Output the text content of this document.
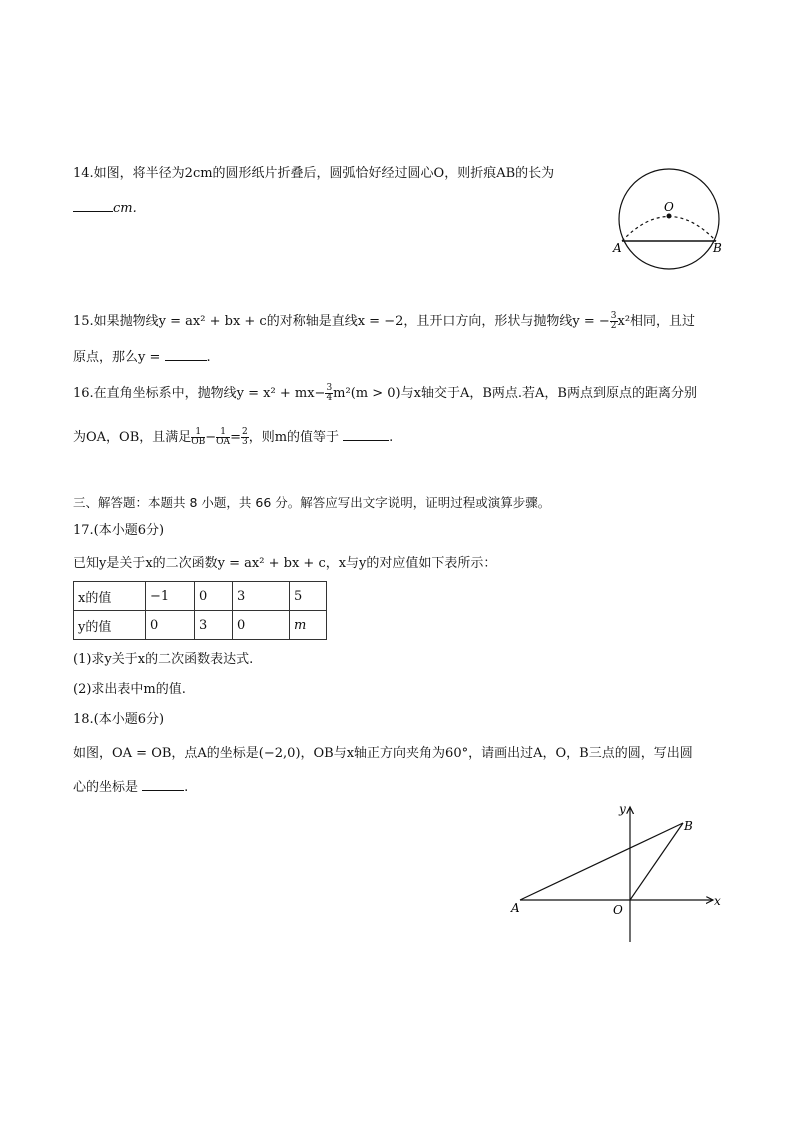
14.如图，将半径为2cm的圆形纸片折叠后，圆弧恰好经过圆心O，则折痕AB的长为
cm.	O
A	B
15.如果抛物线y = ax² + bx + c的对称轴是直线x = −2，且开口方向，形状与抛物线y = − $\frac{3}{2} x^2$相同，且过
原点，那么y =	.
16.在直角坐标系中，抛物线$y = x^2 + mx- \frac{3}{4} m^2(m > 0)$与x轴交于A，B两点.若A，B两点到原点的距离分别
为OA，OB，且满足 $\frac{1}{OB} - \frac{1}{OA} = \frac{2}{3}$ ，则m的值等于	.
三、解答题：本题共 8 小题，共 66 分。解答应写出文字说明，证明过程或演算步骤。
17.(本小题6分)
已知y是关于x的二次函数y = ax² + bx + c，x与y的对应值如下表所示：
x的值	−1	0	3	5
y的值	0	3	0	m
(1)求y关于x的二次函数表达式.
(2)求出表中m的值.
18.(本小题6分)
如图，OA = OB，点A的坐标是(−2,0)，OB与x轴正方向夹角为60°，请画出过A，O，B三点的圆，写出圆
心的坐标是	.
y
x
A	O
B
